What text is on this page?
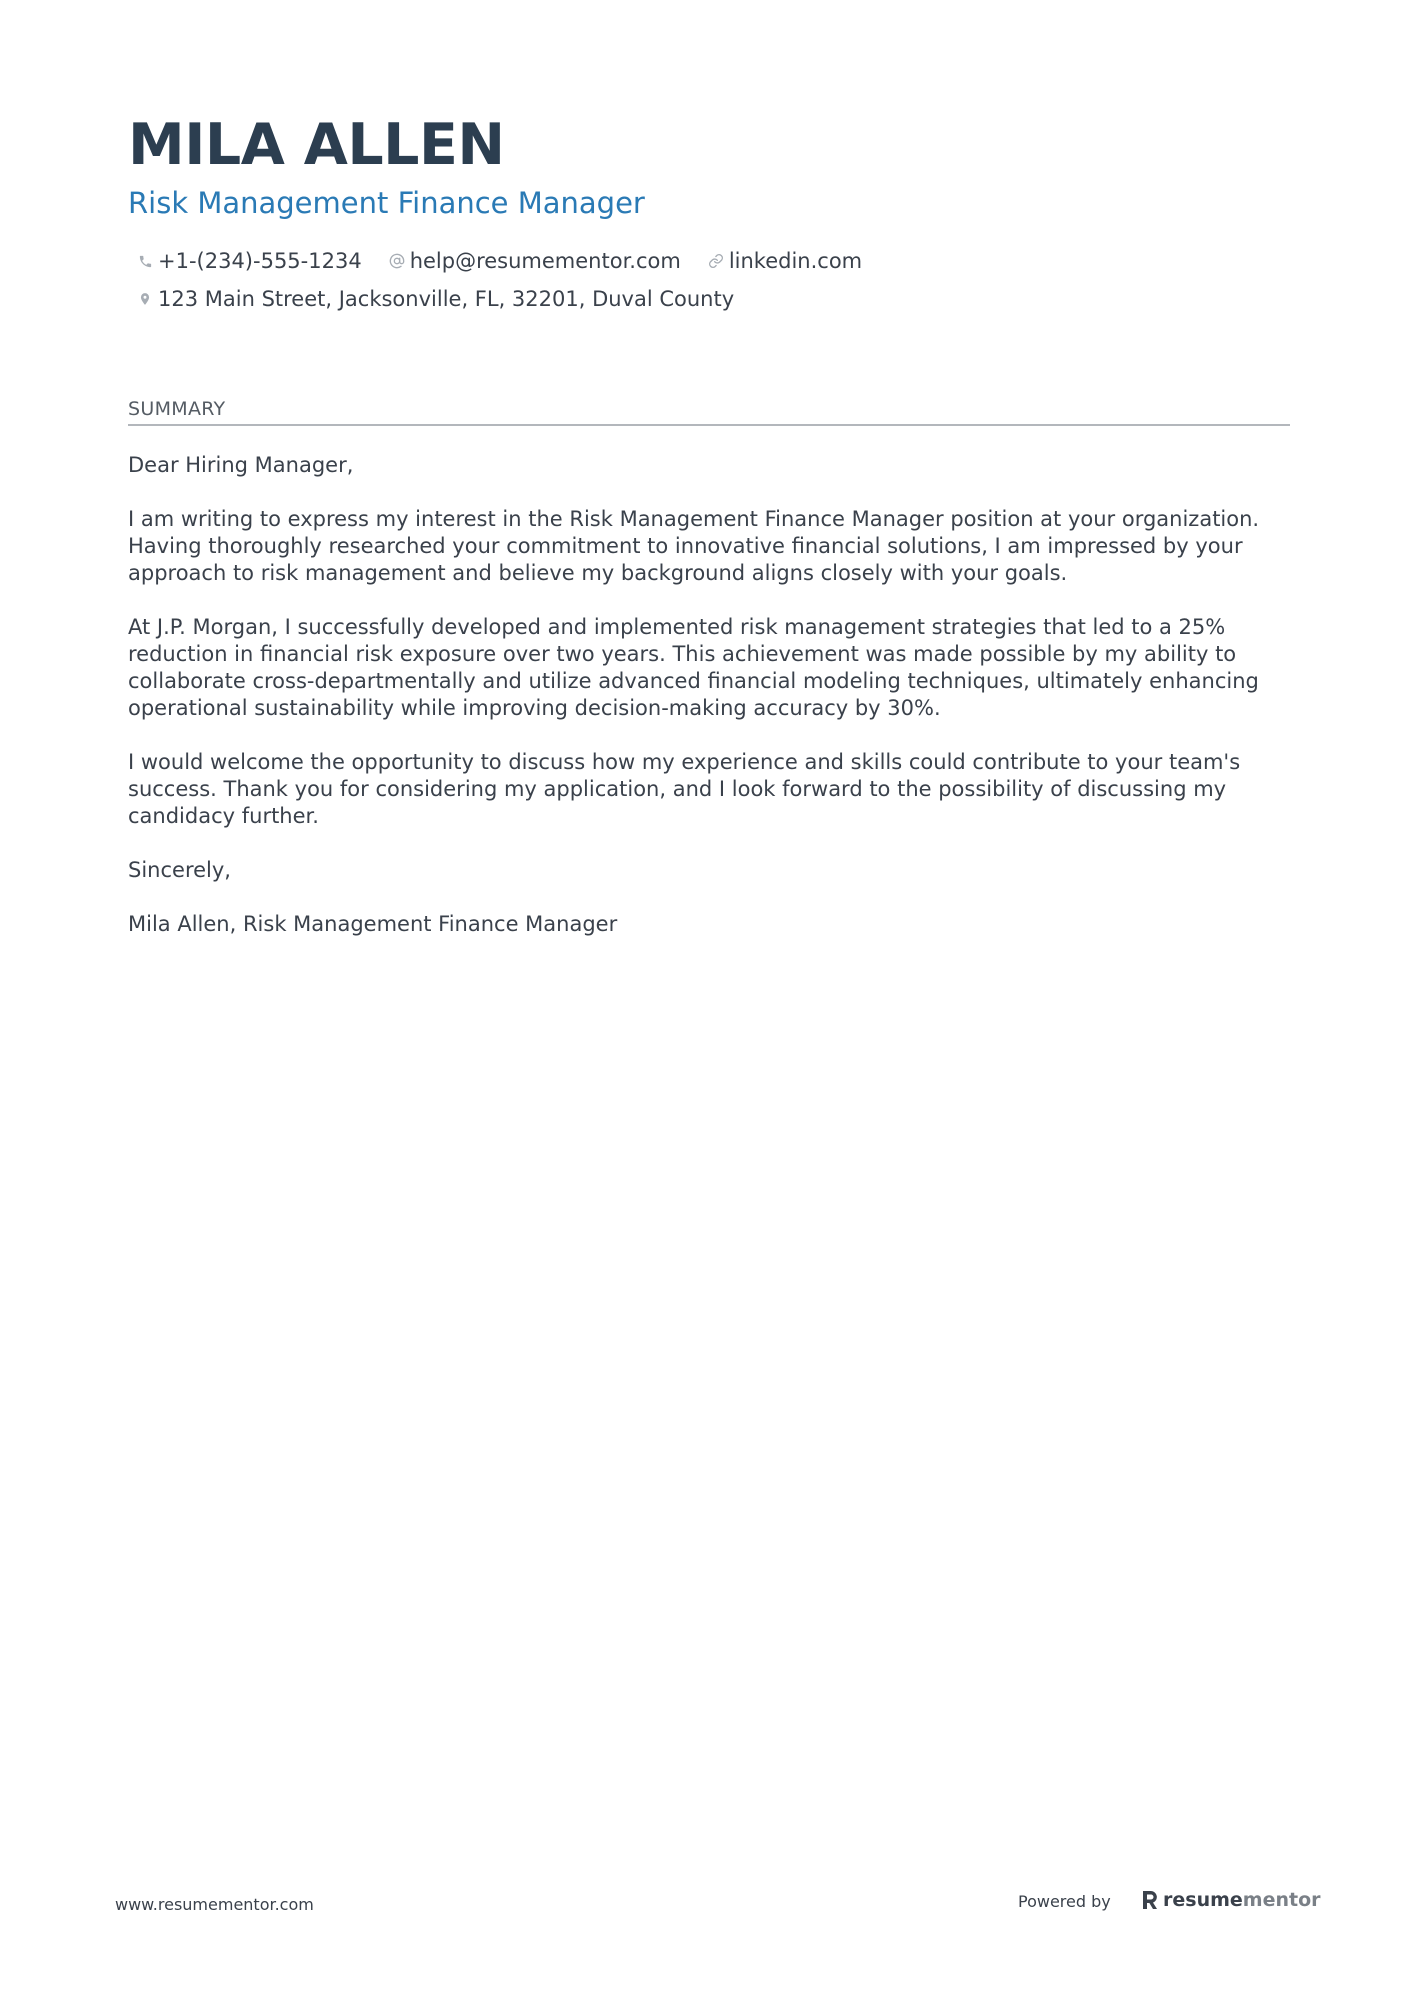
MILA ALLEN
Risk Management Finance Manager
+1-(234)-555-1234 help@resumementor.com linkedin.com
123 Main Street, Jacksonville, FL, 32201, Duval County
SUMMARY

Dear Hiring Manager,

I am writing to express my interest in the Risk Management Finance Manager position at your organization. Having thoroughly researched your commitment to innovative financial solutions, I am impressed by your approach to risk management and believe my background aligns closely with your goals.

At J.P. Morgan, I successfully developed and implemented risk management strategies that led to a 25% reduction in financial risk exposure over two years. This achievement was made possible by my ability to collaborate cross-departmentally and utilize advanced financial modeling techniques, ultimately enhancing operational sustainability while improving decision-making accuracy by 30%.

I would welcome the opportunity to discuss how my experience and skills could contribute to your team's success. Thank you for considering my application, and I look forward to the possibility of discussing my candidacy further.

Sincerely,

Mila Allen, Risk Management Finance Manager

www.resumementor.com	Powered by	resume mentor
